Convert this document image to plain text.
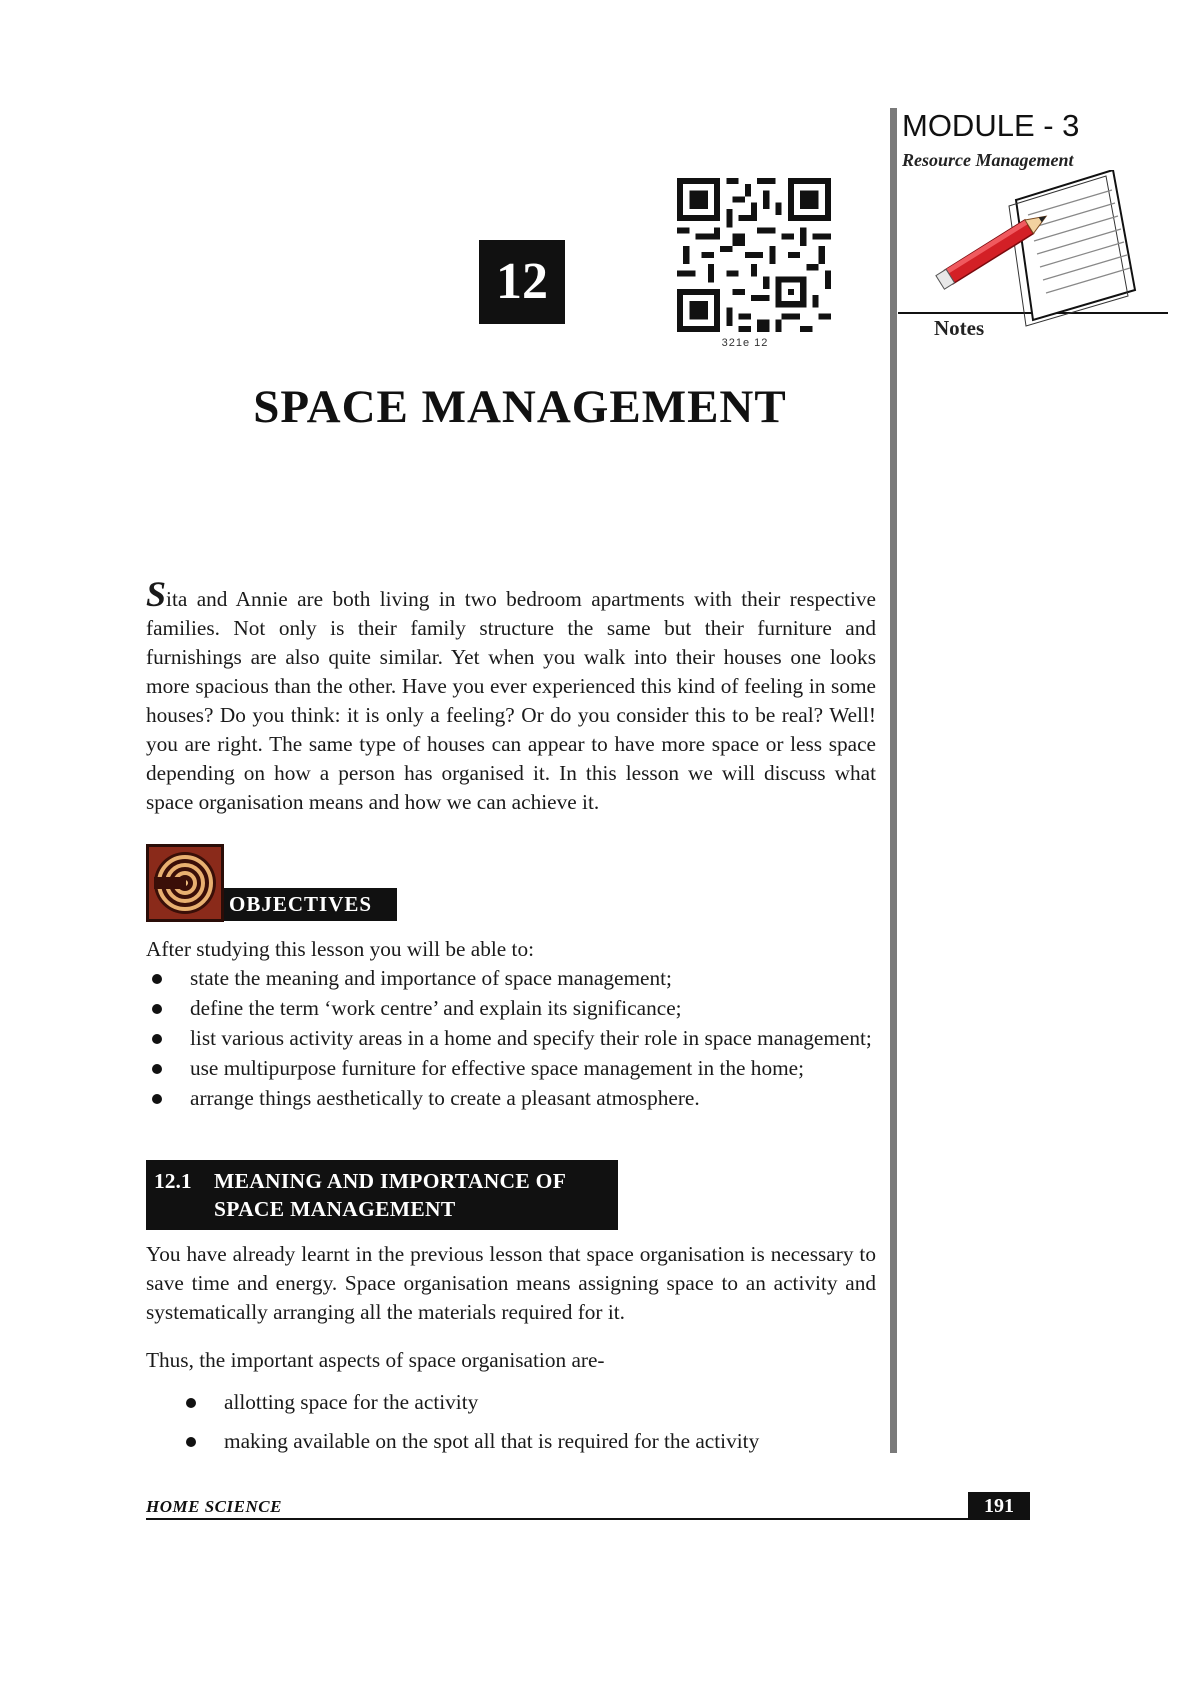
MODULE - 3
Resource Management
Notes
12
321e 12
SPACE MANAGEMENT
Sita and Annie are both living in two bedroom apartments with their respective families. Not only is their family structure the same but their furniture and furnishings are also quite similar. Yet when you walk into their houses one looks more spacious than the other. Have you ever experienced this kind of feeling in some houses? Do you think: it is only a feeling? Or do you consider this to be real? Well! you are right. The same type of houses can appear to have more space or less space depending on how a person has organised it. In this lesson we will discuss what space organisation means and how we can achieve it.
OBJECTIVES
After studying this lesson you will be able to:
state the meaning and importance of space management;
define the term ‘work centre’ and explain its significance;
list various activity areas in a home and specify their role in space management;
use multipurpose furniture for effective space management in the home;
arrange things aesthetically to create a pleasant atmosphere.
12.1 MEANING AND IMPORTANCE OF
SPACE MANAGEMENT
You have already learnt in the previous lesson that space organisation is necessary to save time and energy. Space organisation means assigning space to an activity and systematically arranging all the materials required for it.
Thus, the important aspects of space organisation are-
allotting space for the activity
making available on the spot all that is required for the activity
HOME SCIENCE	191
